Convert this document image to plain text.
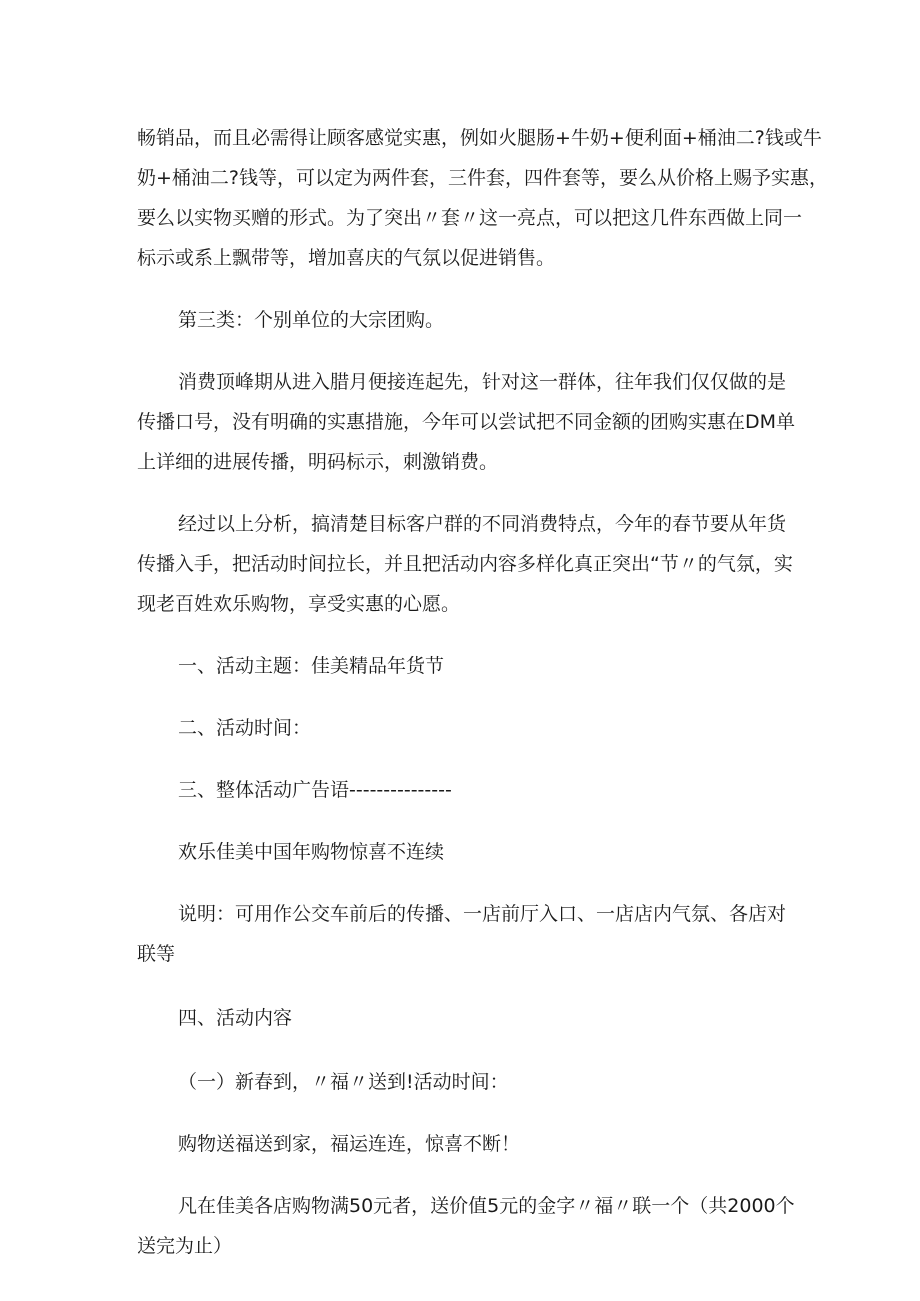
畅销品，而且必需得让顾客感觉实惠，例如火腿肠+牛奶+便利面+桶油二?钱或牛
奶+桶油二?钱等，可以定为两件套，三件套，四件套等，要么从价格上赐予实惠，
要么以实物买赠的形式。为了突出〃套〃这一亮点，可以把这几件东西做上同一
标示或系上飘带等，增加喜庆的气氛以促进销售。

第三类：个别单位的大宗团购。

消费顶峰期从进入腊月便接连起先，针对这一群体，往年我们仅仅做的是
传播口号，没有明确的实惠措施，今年可以尝试把不同金额的团购实惠在DM单
上详细的进展传播，明码标示，刺激销费。

经过以上分析，搞清楚目标客户群的不同消费特点，今年的春节要从年货
传播入手，把活动时间拉长，并且把活动内容多样化真正突出“节〃的气氛，实
现老百姓欢乐购物，享受实惠的心愿。

一、活动主题：佳美精品年货节

二、活动时间：

三、整体活动广告语---------------

欢乐佳美中国年购物惊喜不连续

说明：可用作公交车前后的传播、一店前厅入口、一店店内气氛、各店对
联等

四、活动内容

（一）新春到，〃福〃送到!活动时间：

购物送福送到家，福运连连，惊喜不断！

凡在佳美各店购物满50元者，送价值5元的金字〃福〃联一个（共2000个
送完为止）
